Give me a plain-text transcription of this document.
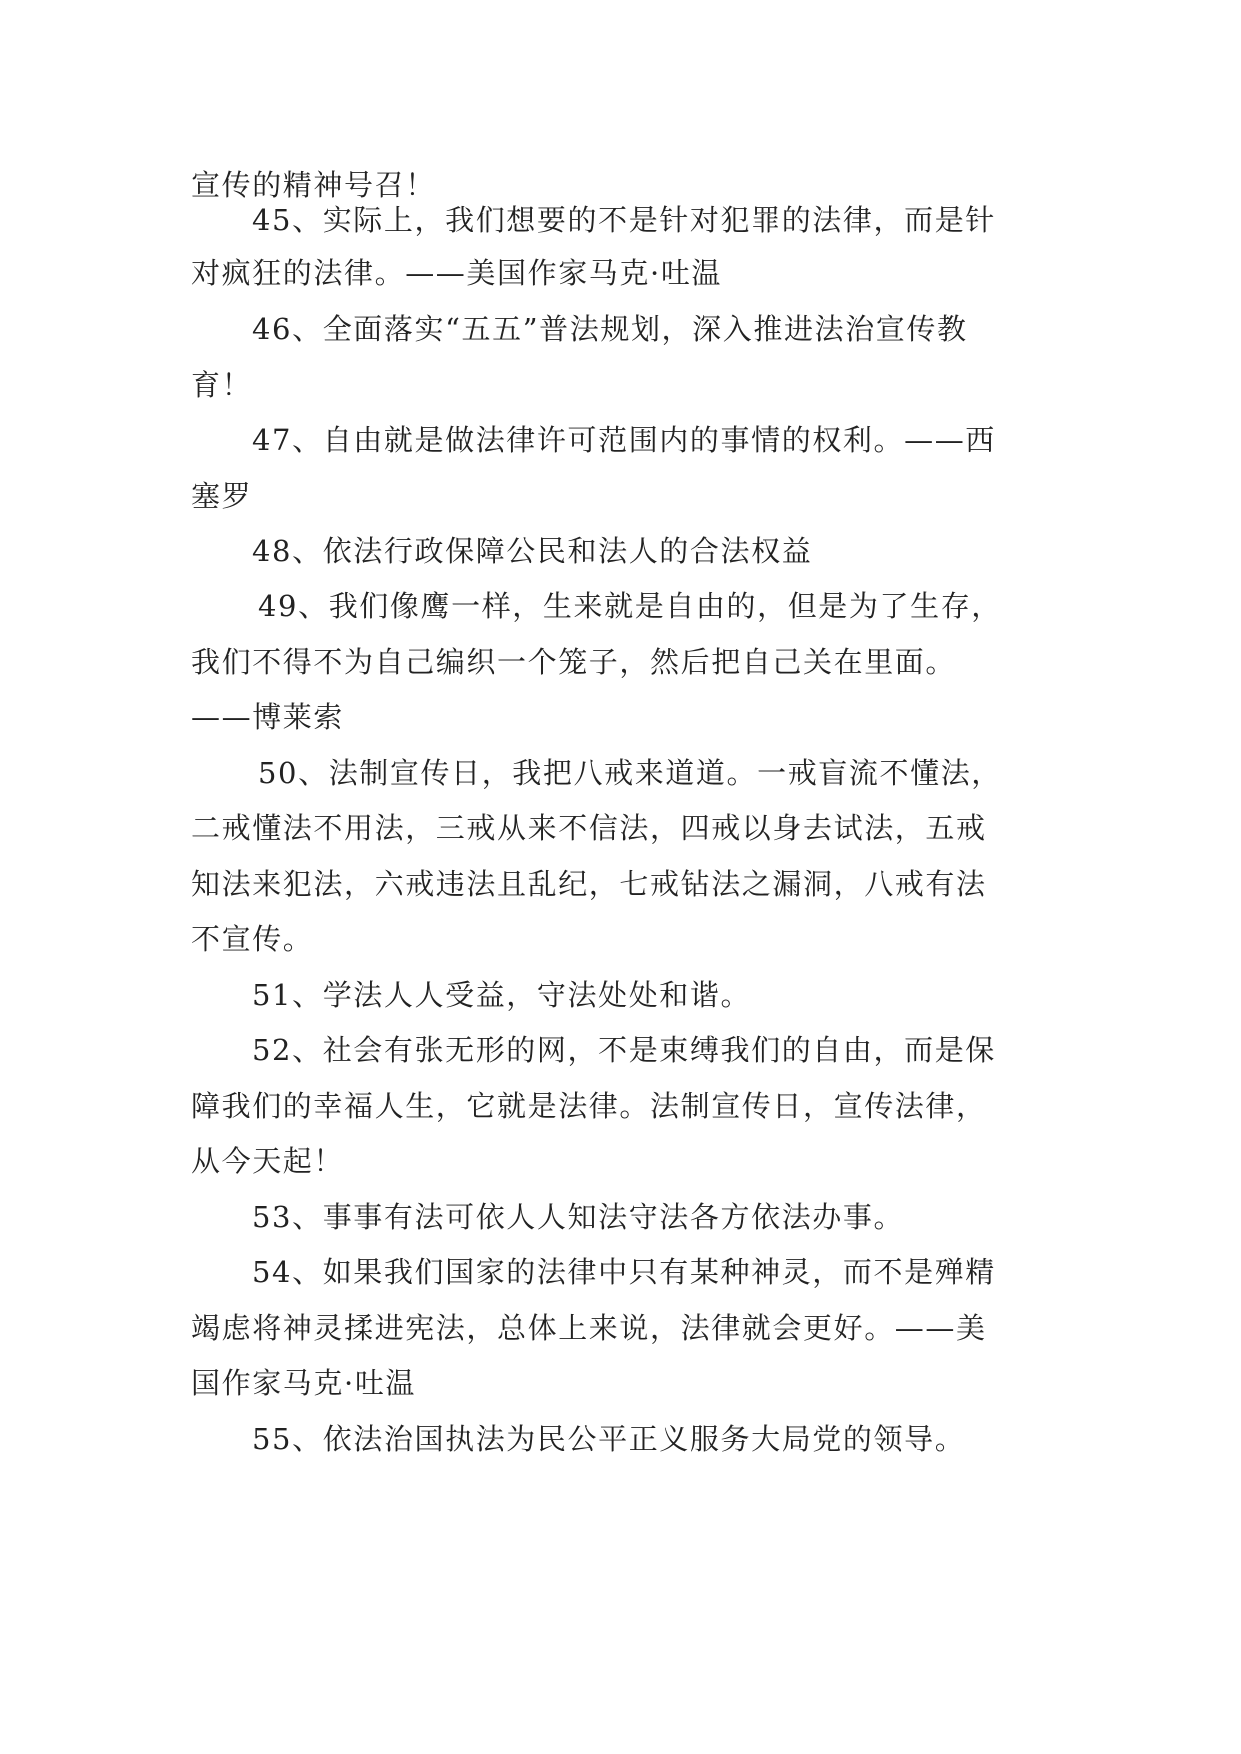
宣传的精神号召！
45、实际上，我们想要的不是针对犯罪的法律，而是针
对疯狂的法律。——美国作家马克·吐温
46、全面落实“五五”普法规划，深入推进法治宣传教
育！
47、自由就是做法律许可范围内的事情的权利。——西
塞罗
48、依法行政保障公民和法人的合法权益
49、我们像鹰一样，生来就是自由的，但是为了生存，
我们不得不为自己编织一个笼子，然后把自己关在里面。
——博莱索
50、法制宣传日，我把八戒来道道。一戒盲流不懂法，
二戒懂法不用法，三戒从来不信法，四戒以身去试法，五戒
知法来犯法，六戒违法且乱纪，七戒钻法之漏洞，八戒有法
不宣传。
51、学法人人受益，守法处处和谐。
52、社会有张无形的网，不是束缚我们的自由，而是保
障我们的幸福人生，它就是法律。法制宣传日，宣传法律，
从今天起！
53、事事有法可依人人知法守法各方依法办事。
54、如果我们国家的法律中只有某种神灵，而不是殚精
竭虑将神灵揉进宪法，总体上来说，法律就会更好。——美
国作家马克·吐温
55、依法治国执法为民公平正义服务大局党的领导。
